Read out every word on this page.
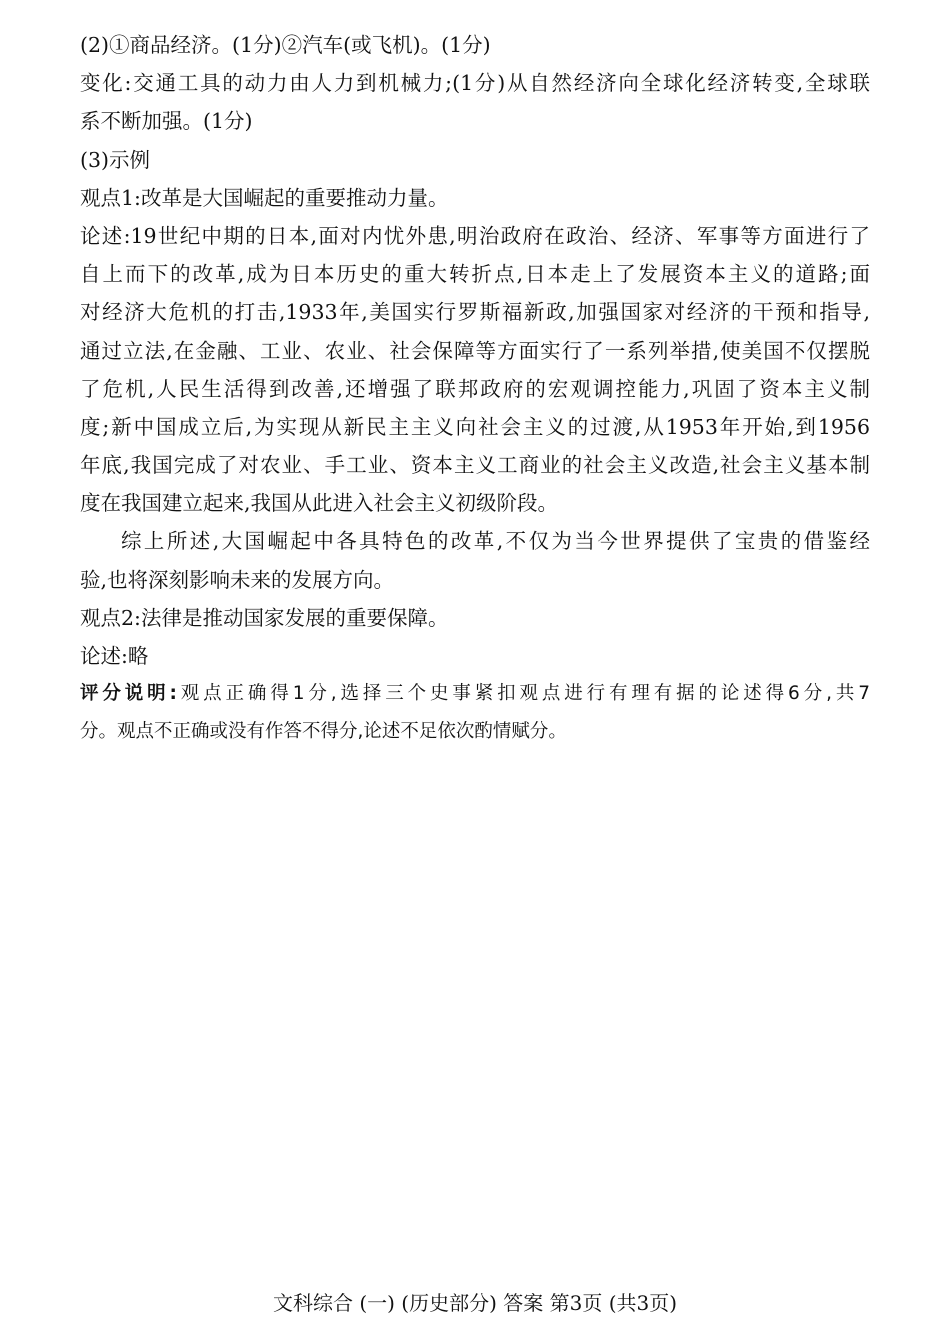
(2)①商品经济。(1分)②汽车(或飞机)。(1分)
变化:交通工具的动力由人力到机械力;(1分)从自然经济向全球化经济转变,全球联
系不断加强。(1分)
(3)示例
观点1:改革是大国崛起的重要推动力量。
论述:19世纪中期的日本,面对内忧外患,明治政府在政治、经济、军事等方面进行了
自上而下的改革,成为日本历史的重大转折点,日本走上了发展资本主义的道路;面
对经济大危机的打击,1933年,美国实行罗斯福新政,加强国家对经济的干预和指导,
通过立法,在金融、工业、农业、社会保障等方面实行了一系列举措,使美国不仅摆脱
了危机,人民生活得到改善,还增强了联邦政府的宏观调控能力,巩固了资本主义制
度;新中国成立后,为实现从新民主主义向社会主义的过渡,从1953年开始,到1956
年底,我国完成了对农业、手工业、资本主义工商业的社会主义改造,社会主义基本制
度在我国建立起来,我国从此进入社会主义初级阶段。
综上所述,大国崛起中各具特色的改革,不仅为当今世界提供了宝贵的借鉴经
验,也将深刻影响未来的发展方向。
观点2:法律是推动国家发展的重要保障。
论述:略
评分说明:观点正确得1分,选择三个史事紧扣观点进行有理有据的论述得6分,共7
分。观点不正确或没有作答不得分,论述不足依次酌情赋分。
文科综合 (一) (历史部分) 答案 第3页 (共3页)
